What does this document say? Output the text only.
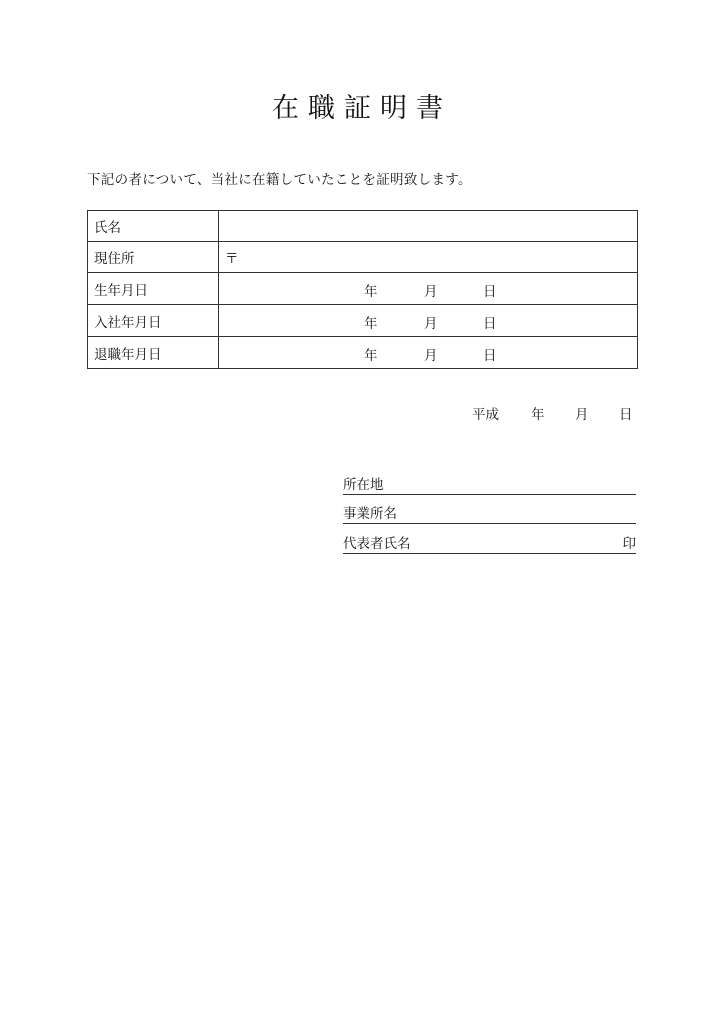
在職証明書
下記の者について、当社に在籍していたことを証明致します。
氏名	
現住所	〒
生年月日	年 月 日

入社年月日	年 月 日

退職年月日	年 月 日
平成 年 月 日
所在地
事業所名
代表者氏名	印
